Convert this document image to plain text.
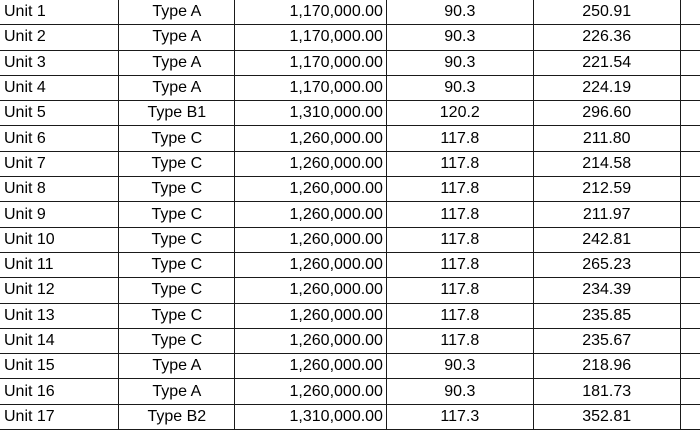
Unit 1	Type A	1,170,000.00	90.3	250.91	
Unit 2	Type A	1,170,000.00	90.3	226.36	
Unit 3	Type A	1,170,000.00	90.3	221.54	
Unit 4	Type A	1,170,000.00	90.3	224.19	
Unit 5	Type B1	1,310,000.00	120.2	296.60	
Unit 6	Type C	1,260,000.00	117.8	211.80	
Unit 7	Type C	1,260,000.00	117.8	214.58	
Unit 8	Type C	1,260,000.00	117.8	212.59	
Unit 9	Type C	1,260,000.00	117.8	211.97	
Unit 10	Type C	1,260,000.00	117.8	242.81	
Unit 11	Type C	1,260,000.00	117.8	265.23	
Unit 12	Type C	1,260,000.00	117.8	234.39	
Unit 13	Type C	1,260,000.00	117.8	235.85	
Unit 14	Type C	1,260,000.00	117.8	235.67	
Unit 15	Type A	1,260,000.00	90.3	218.96	
Unit 16	Type A	1,260,000.00	90.3	181.73	
Unit 17	Type B2	1,310,000.00	117.3	352.81	
